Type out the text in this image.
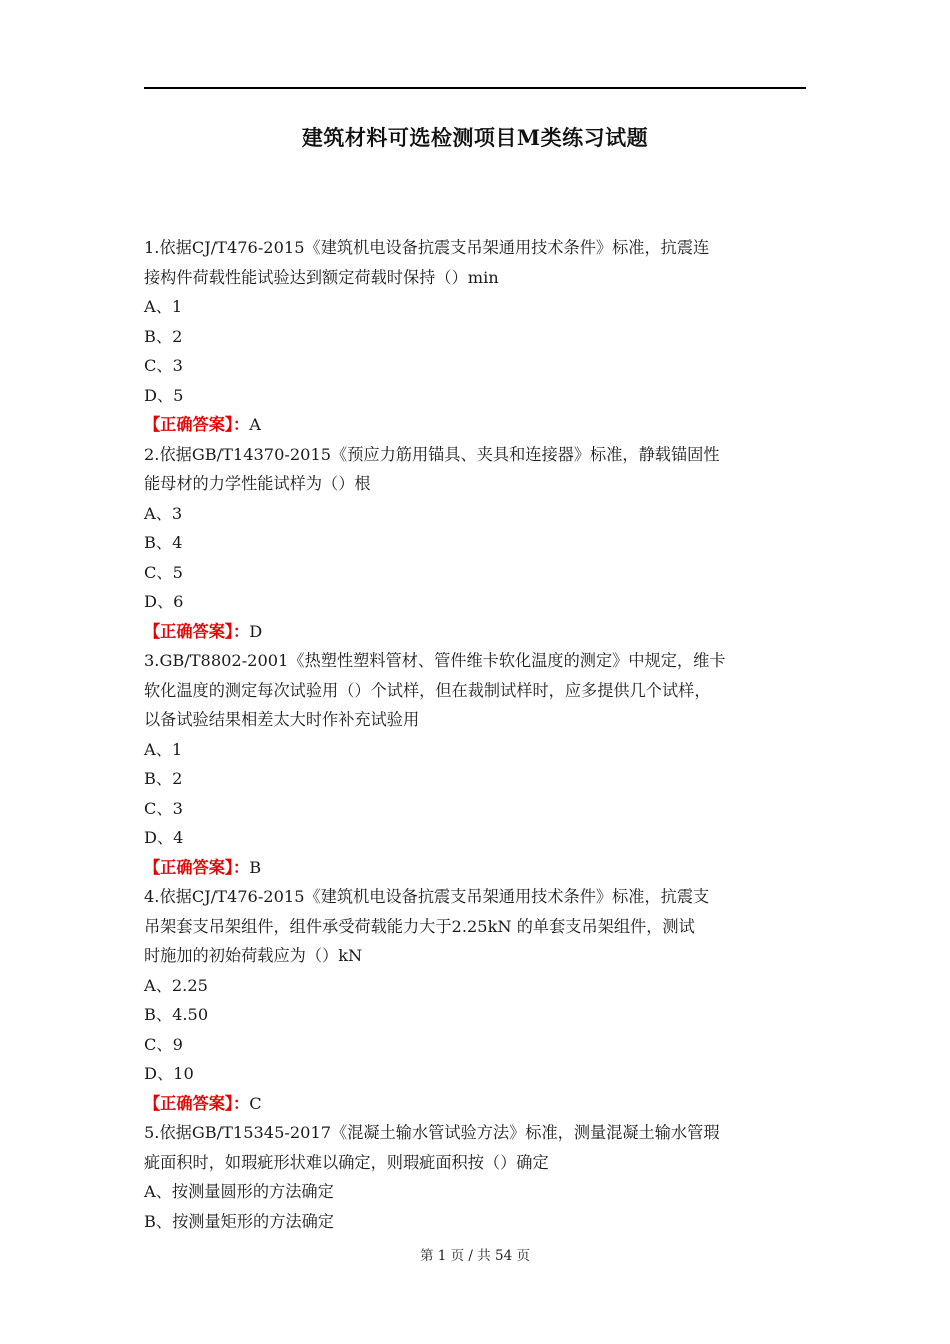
建筑材料可选检测项目M类练习试题
1.依据CJ/T476-2015《建筑机电设备抗震支吊架通用技术条件》标准，抗震连
接构件荷载性能试验达到额定荷载时保持（）min
A、1
B、2
C、3
D、5
【正确答案】：A
2.依据GB/T14370-2015《预应力筋用锚具、夹具和连接器》标准，静载锚固性
能母材的力学性能试样为（）根
A、3
B、4
C、5
D、6
【正确答案】：D
3.GB/T8802-2001《热塑性塑料管材、管件维卡软化温度的测定》中规定，维卡
软化温度的测定每次试验用（）个试样，但在裁制试样时，应多提供几个试样，
以备试验结果相差太大时作补充试验用
A、1
B、2
C、3
D、4
【正确答案】：B
4.依据CJ/T476-2015《建筑机电设备抗震支吊架通用技术条件》标准，抗震支
吊架套支吊架组件，组件承受荷载能力大于2.25kN 的单套支吊架组件，测试
时施加的初始荷载应为（）kN
A、2.25
B、4.50
C、9
D、10
【正确答案】：C
5.依据GB/T15345-2017《混凝土输水管试验方法》标准，测量混凝土输水管瑕
疵面积时，如瑕疵形状难以确定，则瑕疵面积按（）确定
A、按测量圆形的方法确定
B、按测量矩形的方法确定
第 1 页 / 共 54 页
